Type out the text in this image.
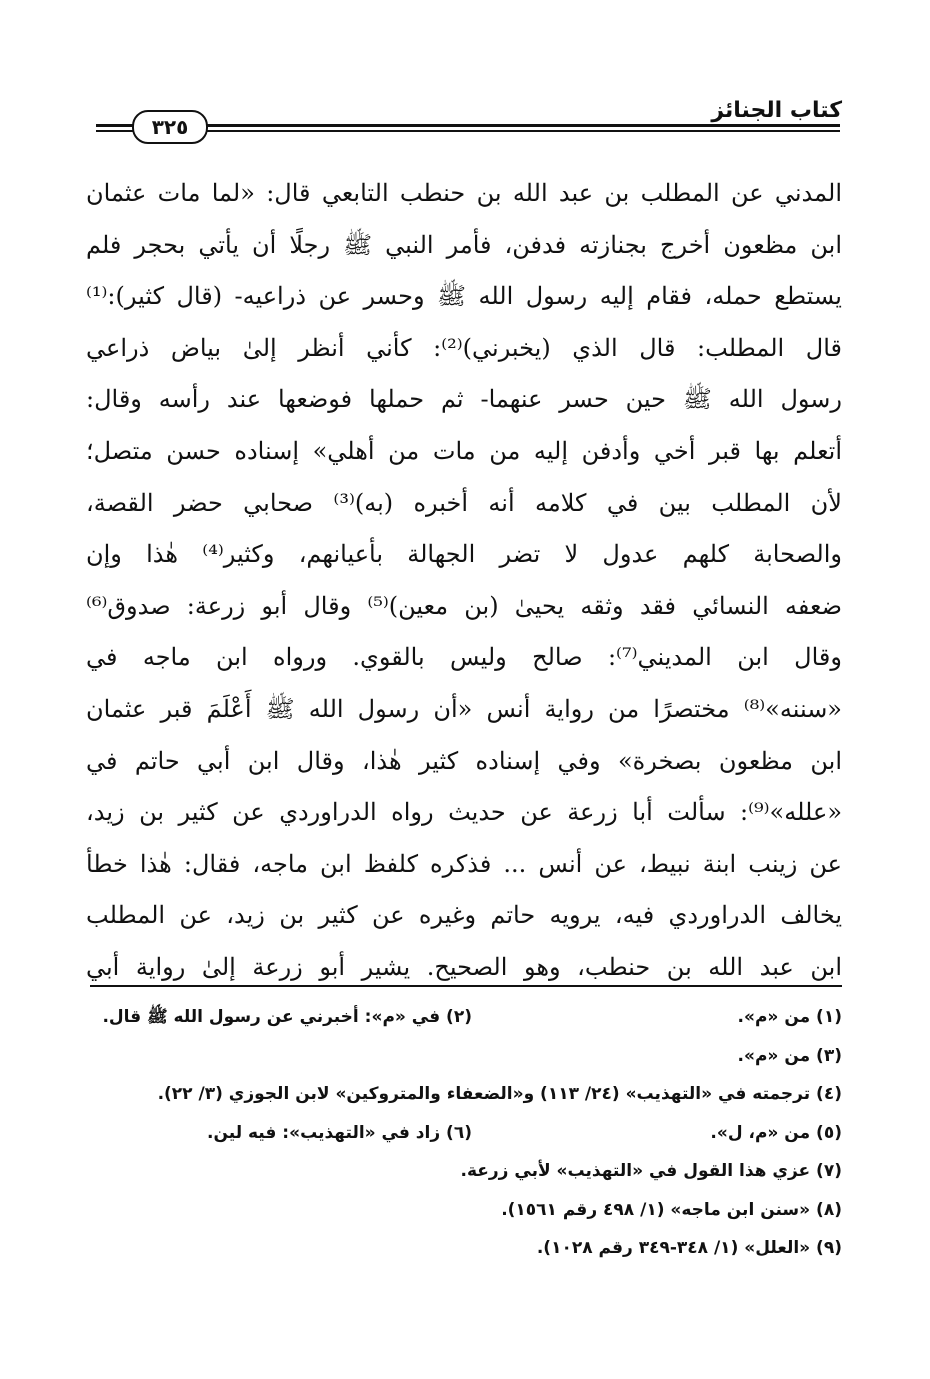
كتاب الجنائز
٣٢٥
المدني عن المطلب بن عبد الله بن حنطب التابعي قال: «لما مات عثمان
ابن مظعون أخرج بجنازته فدفن، فأمر النبي ﷺ رجلًا أن يأتي بحجر فلم
يستطع حمله، فقام إليه رسول الله ﷺ وحسر عن ذراعيه- (قال كثير):⁽¹⁾
قال المطلب: قال الذي (يخبرني)⁽²⁾: كأني أنظر إلىٰ بياض ذراعي
رسول الله ﷺ حين حسر عنهما- ثم حملها فوضعها عند رأسه وقال:
أتعلم بها قبر أخي وأدفن إليه من مات من أهلي» إسناده حسن متصل؛
لأن المطلب بين في كلامه أنه أخبره (به)⁽³⁾ صحابي حضر القصة،
والصحابة كلهم عدول لا تضر الجهالة بأعيانهم، وكثير⁽⁴⁾ هٰذا وإن
ضعفه النسائي فقد وثقه يحيىٰ (بن معين)⁽⁵⁾ وقال أبو زرعة: صدوق⁽⁶⁾
وقال ابن المديني⁽⁷⁾: صالح وليس بالقوي. ورواه ابن ماجه في
«سننه»⁽⁸⁾ مختصرًا من رواية أنس «أن رسول الله ﷺ أَعْلَمَ قبر عثمان
ابن مظعون بصخرة» وفي إسناده كثير هٰذا، وقال ابن أبي حاتم في
«علله»⁽⁹⁾: سألت أبا زرعة عن حديث رواه الدراوردي عن كثير بن زيد،
عن زينب ابنة نبيط، عن أنس ... فذكره كلفظ ابن ماجه، فقال: هٰذا خطأ
يخالف الدراوردي فيه، يرويه حاتم وغيره عن كثير بن زيد، عن المطلب
ابن عبد الله بن حنطب، وهو الصحيح. يشير أبو زرعة إلىٰ رواية أبي
(١) من «م».
(٢) في «م»: أخبرني عن رسول الله ﷺ قال.
(٣) من «م».
(٤) ترجمته في «التهذيب» (٢٤/ ١١٣) و«الضعفاء والمتروكين» لابن الجوزي (٣/ ٢٢).
(٥) من «م، ل».
(٦) زاد في «التهذيب»: فيه لين.
(٧) عزي هذا القول في «التهذيب» لأبي زرعة.
(٨) «سنن ابن ماجه» (١/ ٤٩٨ رقم ١٥٦١).
(٩) «العلل» (١/ ٣٤٨-٣٤٩ رقم ١٠٢٨).
